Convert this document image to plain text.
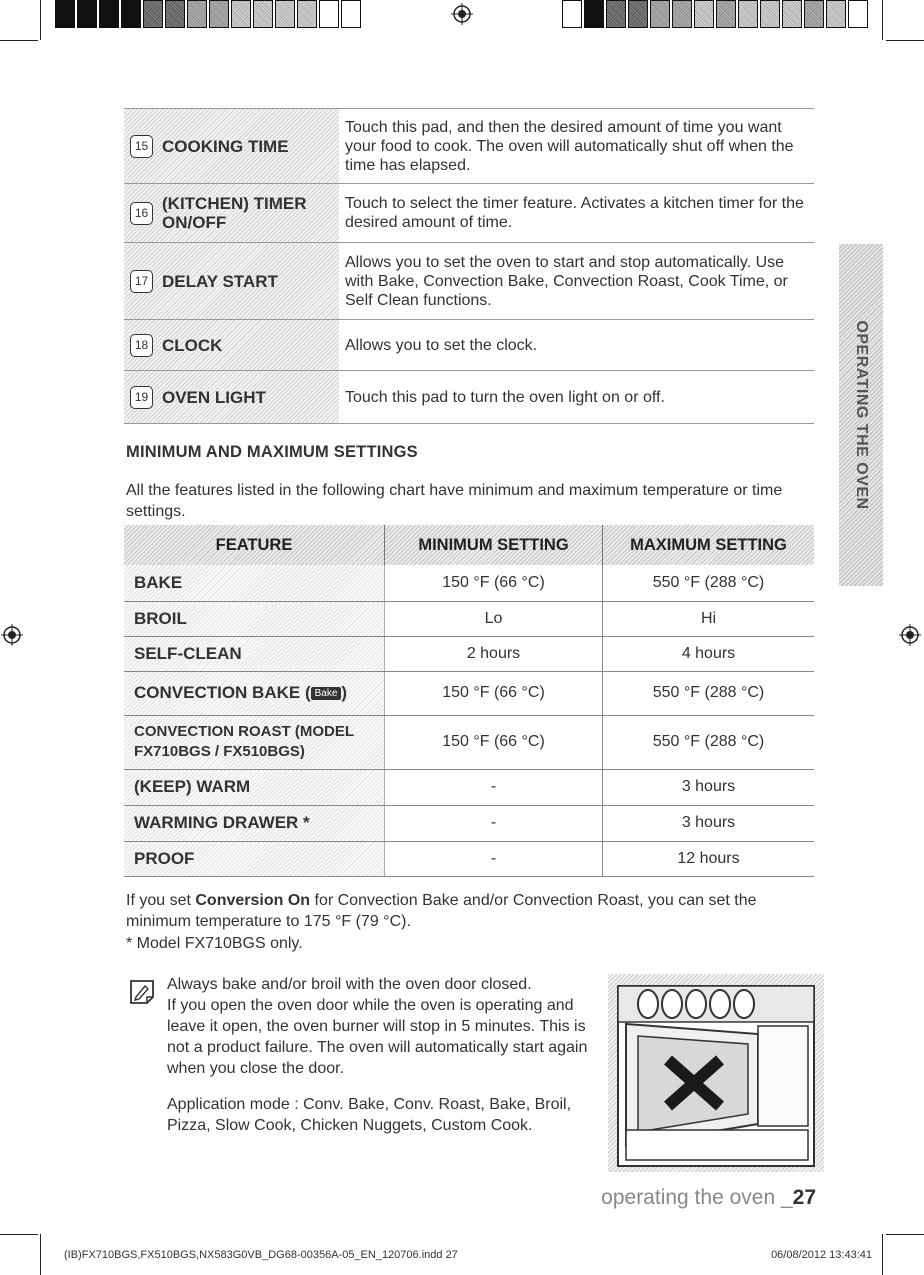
15 COOKING TIME
Touch this pad, and then the desired amount of time you want your food to cook. The oven will automatically shut off when the time has elapsed.
16 (KITCHEN) TIMER ON/OFF
Touch to select the timer feature. Activates a kitchen timer for the desired amount of time.
17 DELAY START
Allows you to set the oven to start and stop automatically. Use with Bake, Convection Bake, Convection Roast, Cook Time, or Self Clean functions.
18 CLOCK	Allows you to set the clock.
19 OVEN LIGHT	Touch this pad to turn the oven light on or off.
MINIMUM AND MAXIMUM SETTINGS
All the features listed in the following chart have minimum and maximum temperature or time settings.
FEATURE	MINIMUM SETTING	MAXIMUM SETTING
BAKE	150 °F (66 °C)	550 °F (288 °C)
BROIL	Lo	Hi
SELF-CLEAN	2 hours	4 hours
CONVECTION BAKE ( Bake )	150 °F (66 °C)	550 °F (288 °C)
CONVECTION ROAST (MODEL FX710BGS / FX510BGS)	150 °F (66 °C)	550 °F (288 °C)
(KEEP) WARM	-	3 hours
WARMING DRAWER *	-	3 hours
PROOF	-	12 hours
If you set Conversion On for Convection Bake and/or Convection Roast, you can set the minimum temperature to 175 °F (79 °C).
* Model FX710BGS only.
Always bake and/or broil with the oven door closed.
If you open the oven door while the oven is operating and leave it open, the oven burner will stop in 5 minutes. This is not a product failure. The oven will automatically start again when you close the door.
Application mode : Conv. Bake, Conv. Roast, Bake, Broil, Pizza, Slow Cook, Chicken Nuggets, Custom Cook.
OPERATING THE OVEN
operating the oven _27
(IB)FX710BGS,FX510BGS,NX583G0VB_DG68-00356A-05_EN_120706.indd 27	06/08/2012 13:43:41
